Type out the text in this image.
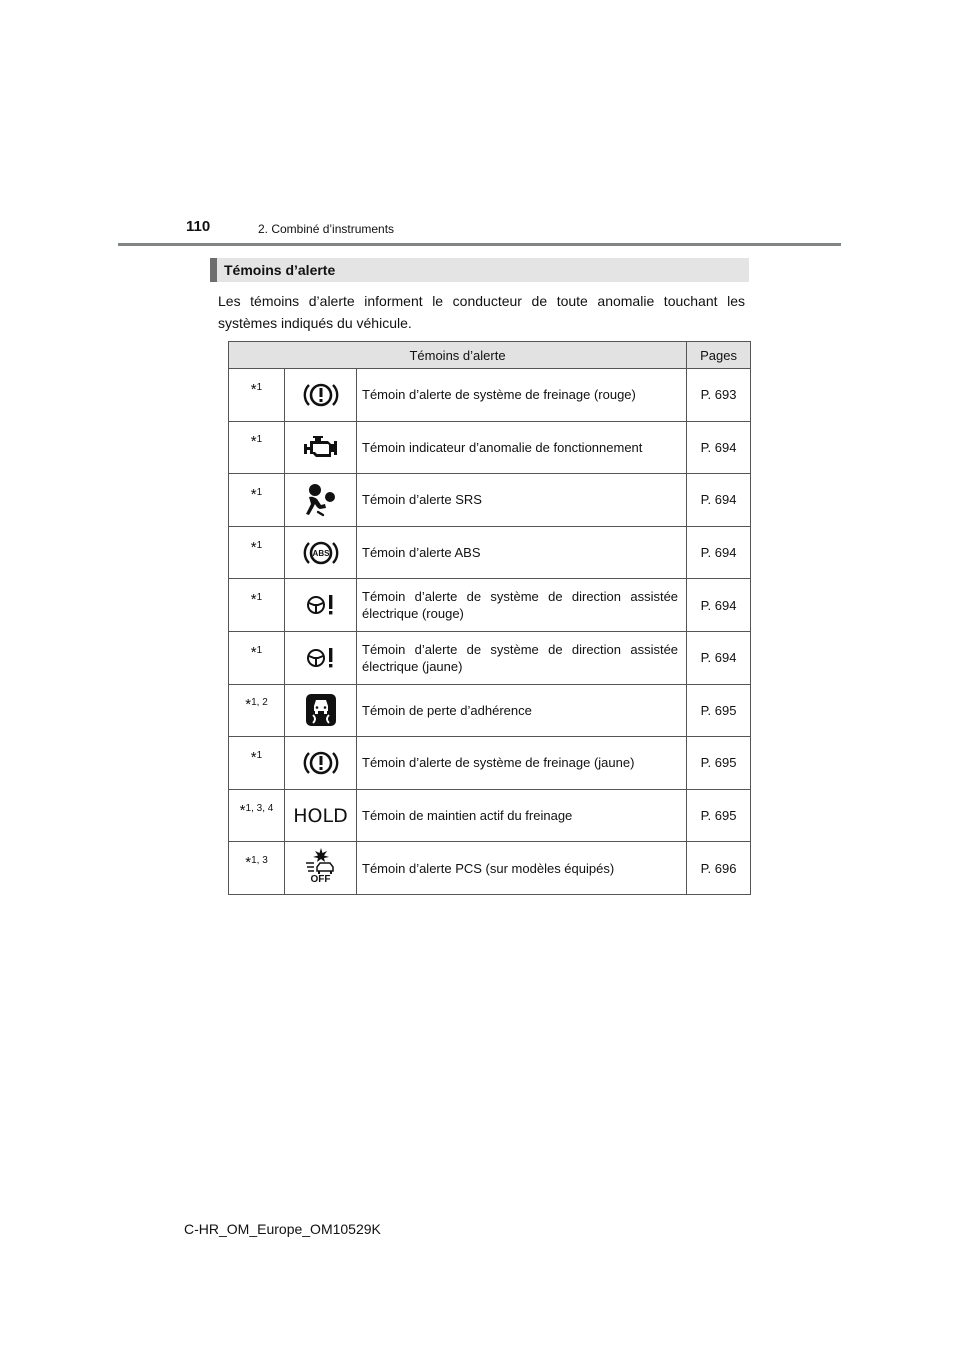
110	2. Combiné d’instruments
Témoins d’alerte

Les témoins d’alerte informent le conducteur de toute anomalie touchant les systèmes indiqués du véhicule.

Témoins d’alerte			Pages
*1		Témoin d’alerte de système de freinage (rouge)	P. 693
*1		Témoin indicateur d’anomalie de fonctionnement	P. 694
*1		Témoin d’alerte SRS	P. 694
*1	ABS	Témoin d’alerte ABS	P. 694
*1		Témoin d’alerte de système de direction assistée électrique (rouge)	P. 694
*1		Témoin d’alerte de système de direction assistée électrique (jaune)	P. 694
*1, 2		Témoin de perte d’adhérence	P. 695
*1		Témoin d’alerte de système de freinage (jaune)	P. 695
*1, 3, 4	HOLD	Témoin de maintien actif du freinage	P. 695
*1, 3	OFF	Témoin d’alerte PCS (sur modèles équipés)	P. 696
C-HR_OM_Europe_OM10529K
